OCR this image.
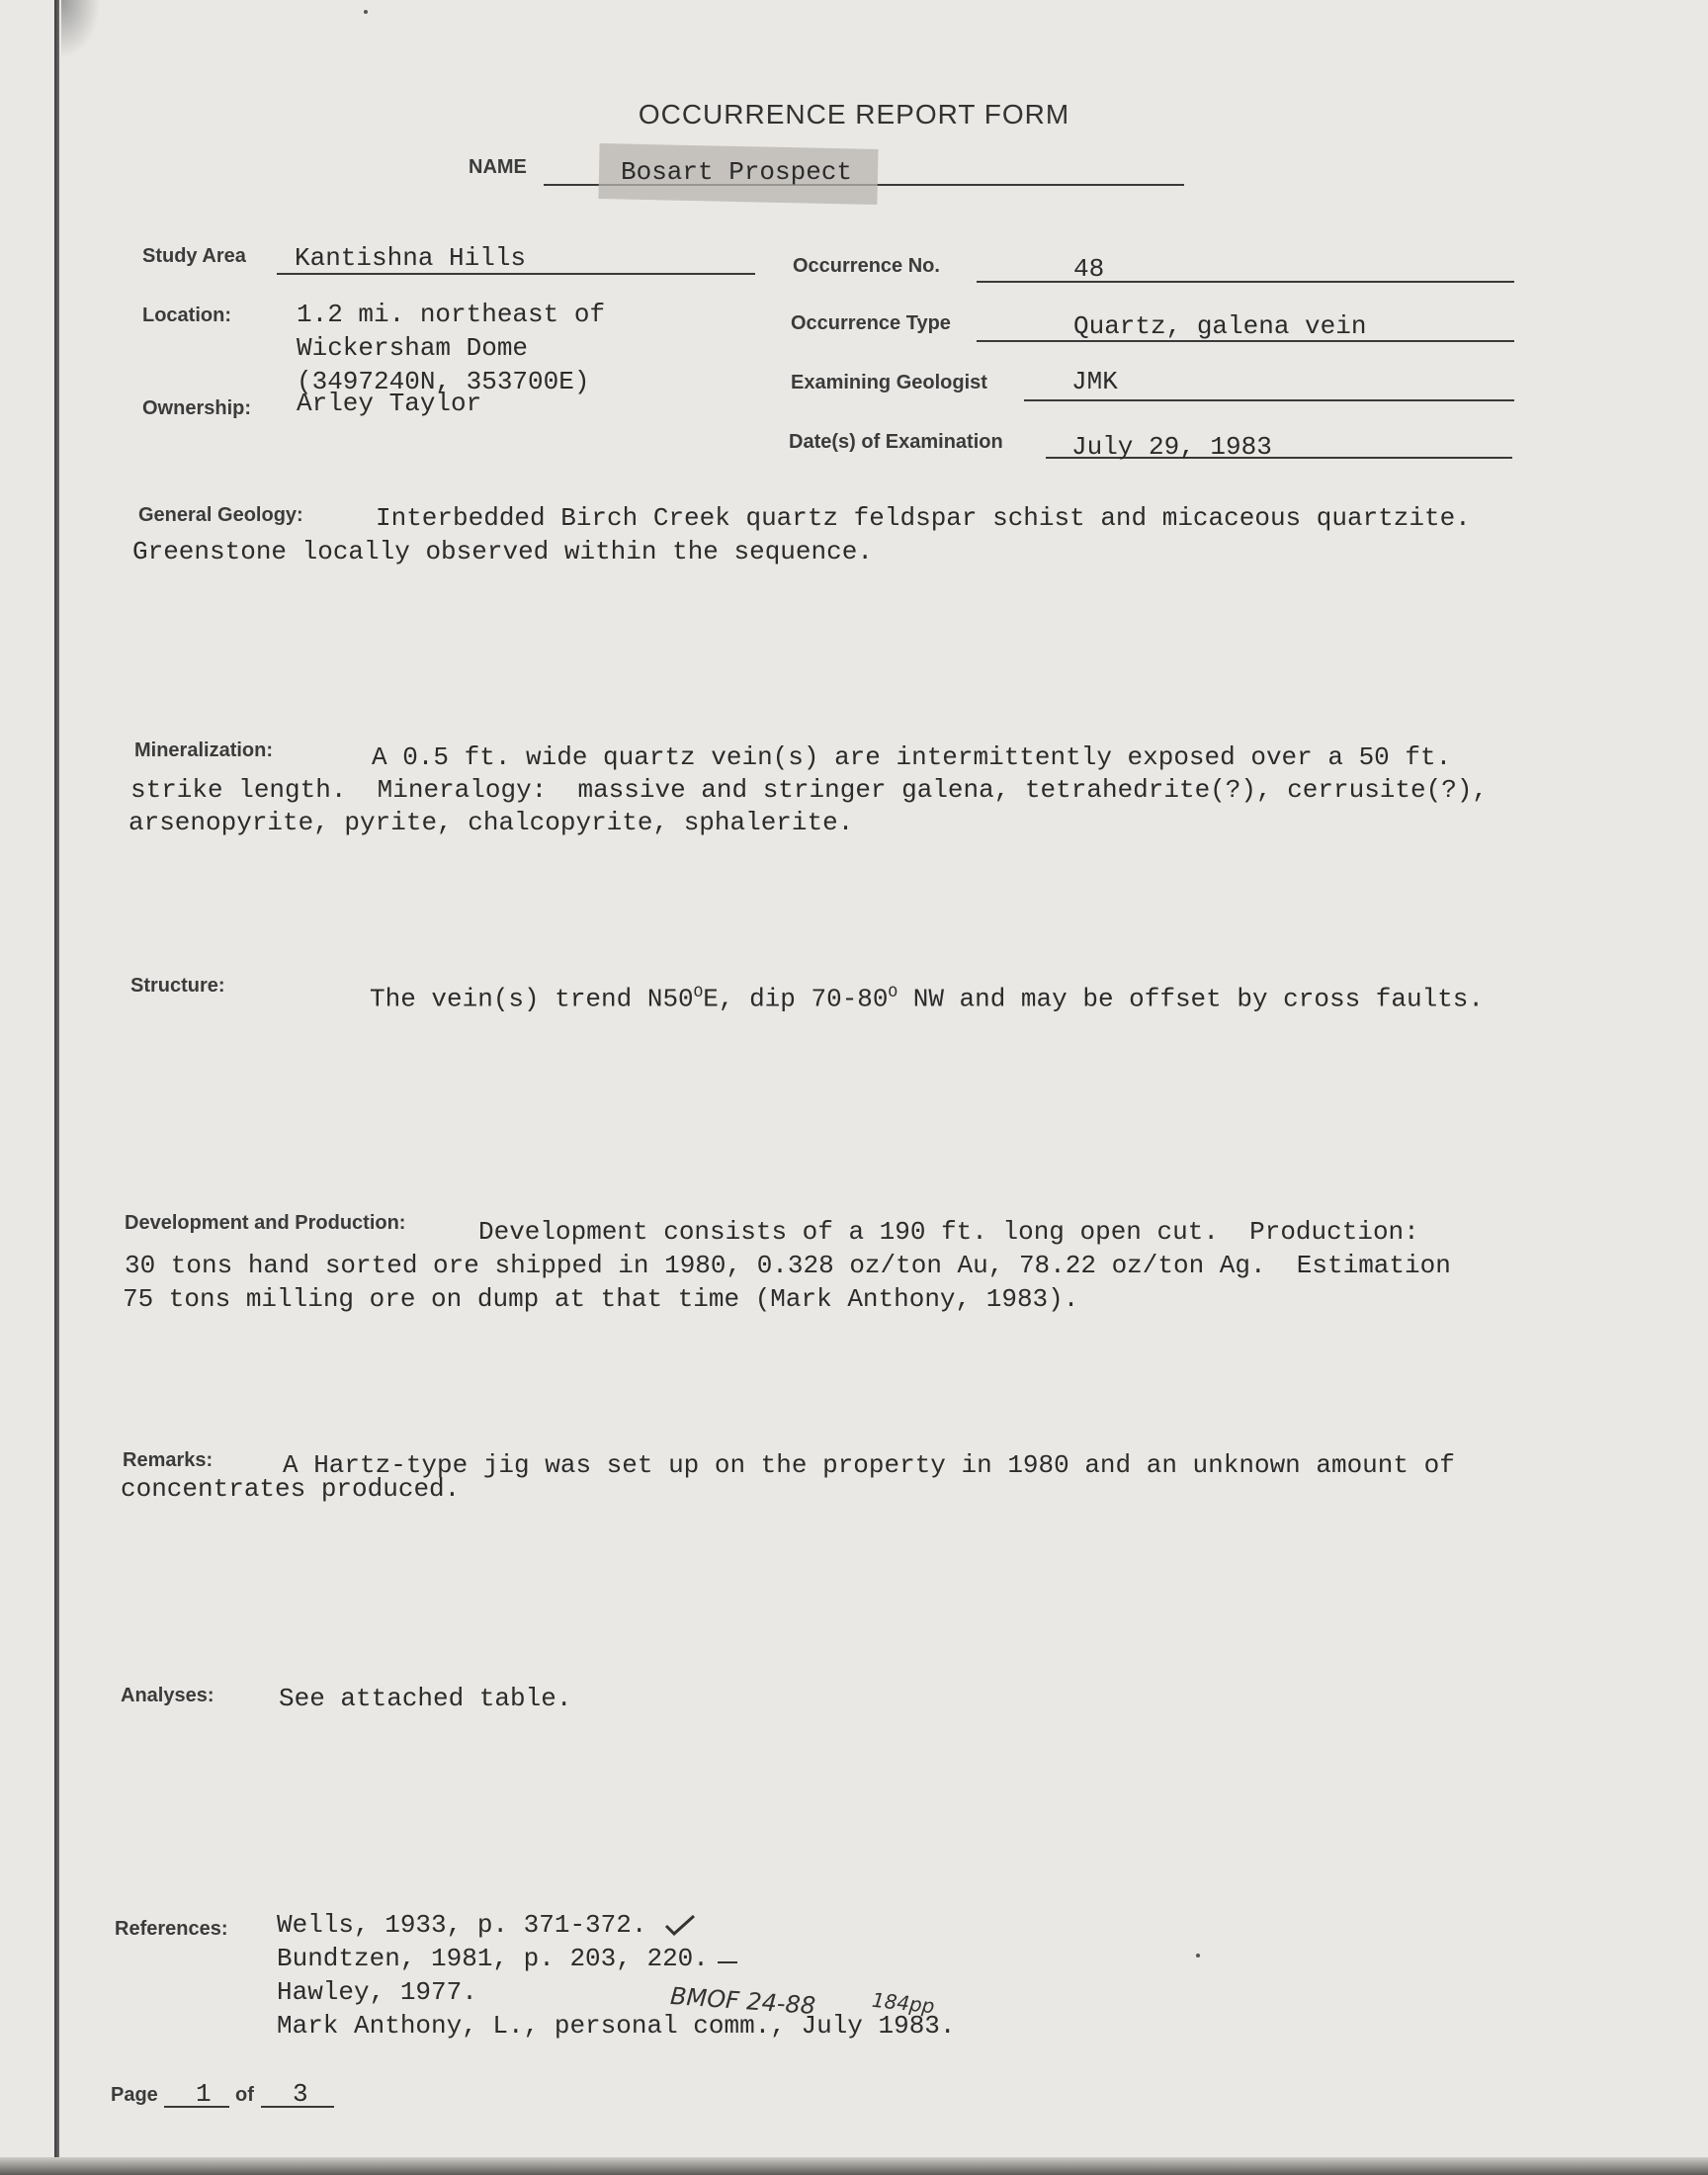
OCCURRENCE REPORT FORM
NAME	Bosart Prospect
Study Area Kantishna Hills
Location:	1.2 mi. northeast of
Wickersham Dome
(3497240N, 353700E)
Ownership: Arley Taylor
Occurrence No.	48
Occurrence Type	Quartz, galena vein
Examining Geologist	JMK
Date(s) of Examination	July 29, 1983
General Geology:	Interbedded Birch Creek quartz feldspar schist and micaceous quartzite.
Greenstone locally observed within the sequence.
Mineralization:	A 0.5 ft. wide quartz vein(s) are intermittently exposed over a 50 ft.
strike length.  Mineralogy:  massive and stringer galena, tetrahedrite(?), cerrusite(?),
arsenopyrite, pyrite, chalcopyrite, sphalerite.
Structure:	The vein(s) trend $N50^OE$, dip $70-80^O$ NW and may be offset by cross faults.
Development and Production:	Development consists of a 190 ft. long open cut.  Production:
30 tons hand sorted ore shipped in 1980, 0.328 oz/ton Au, 78.22 oz/ton Ag.  Estimation
75 tons milling ore on dump at that time (Mark Anthony, 1983).
Remarks:	A Hartz-type jig was set up on the property in 1980 and an unknown amount of
concentrates produced.
Analyses:	See attached table.
References: Wells, 1933, p. 371-372.
Bundtzen, 1981, p. 203, 220.
Hawley, 1977.
Mark Anthony, L., personal comm., July 1983.
BMOF 24-88	184pp
Page 1 of 3
